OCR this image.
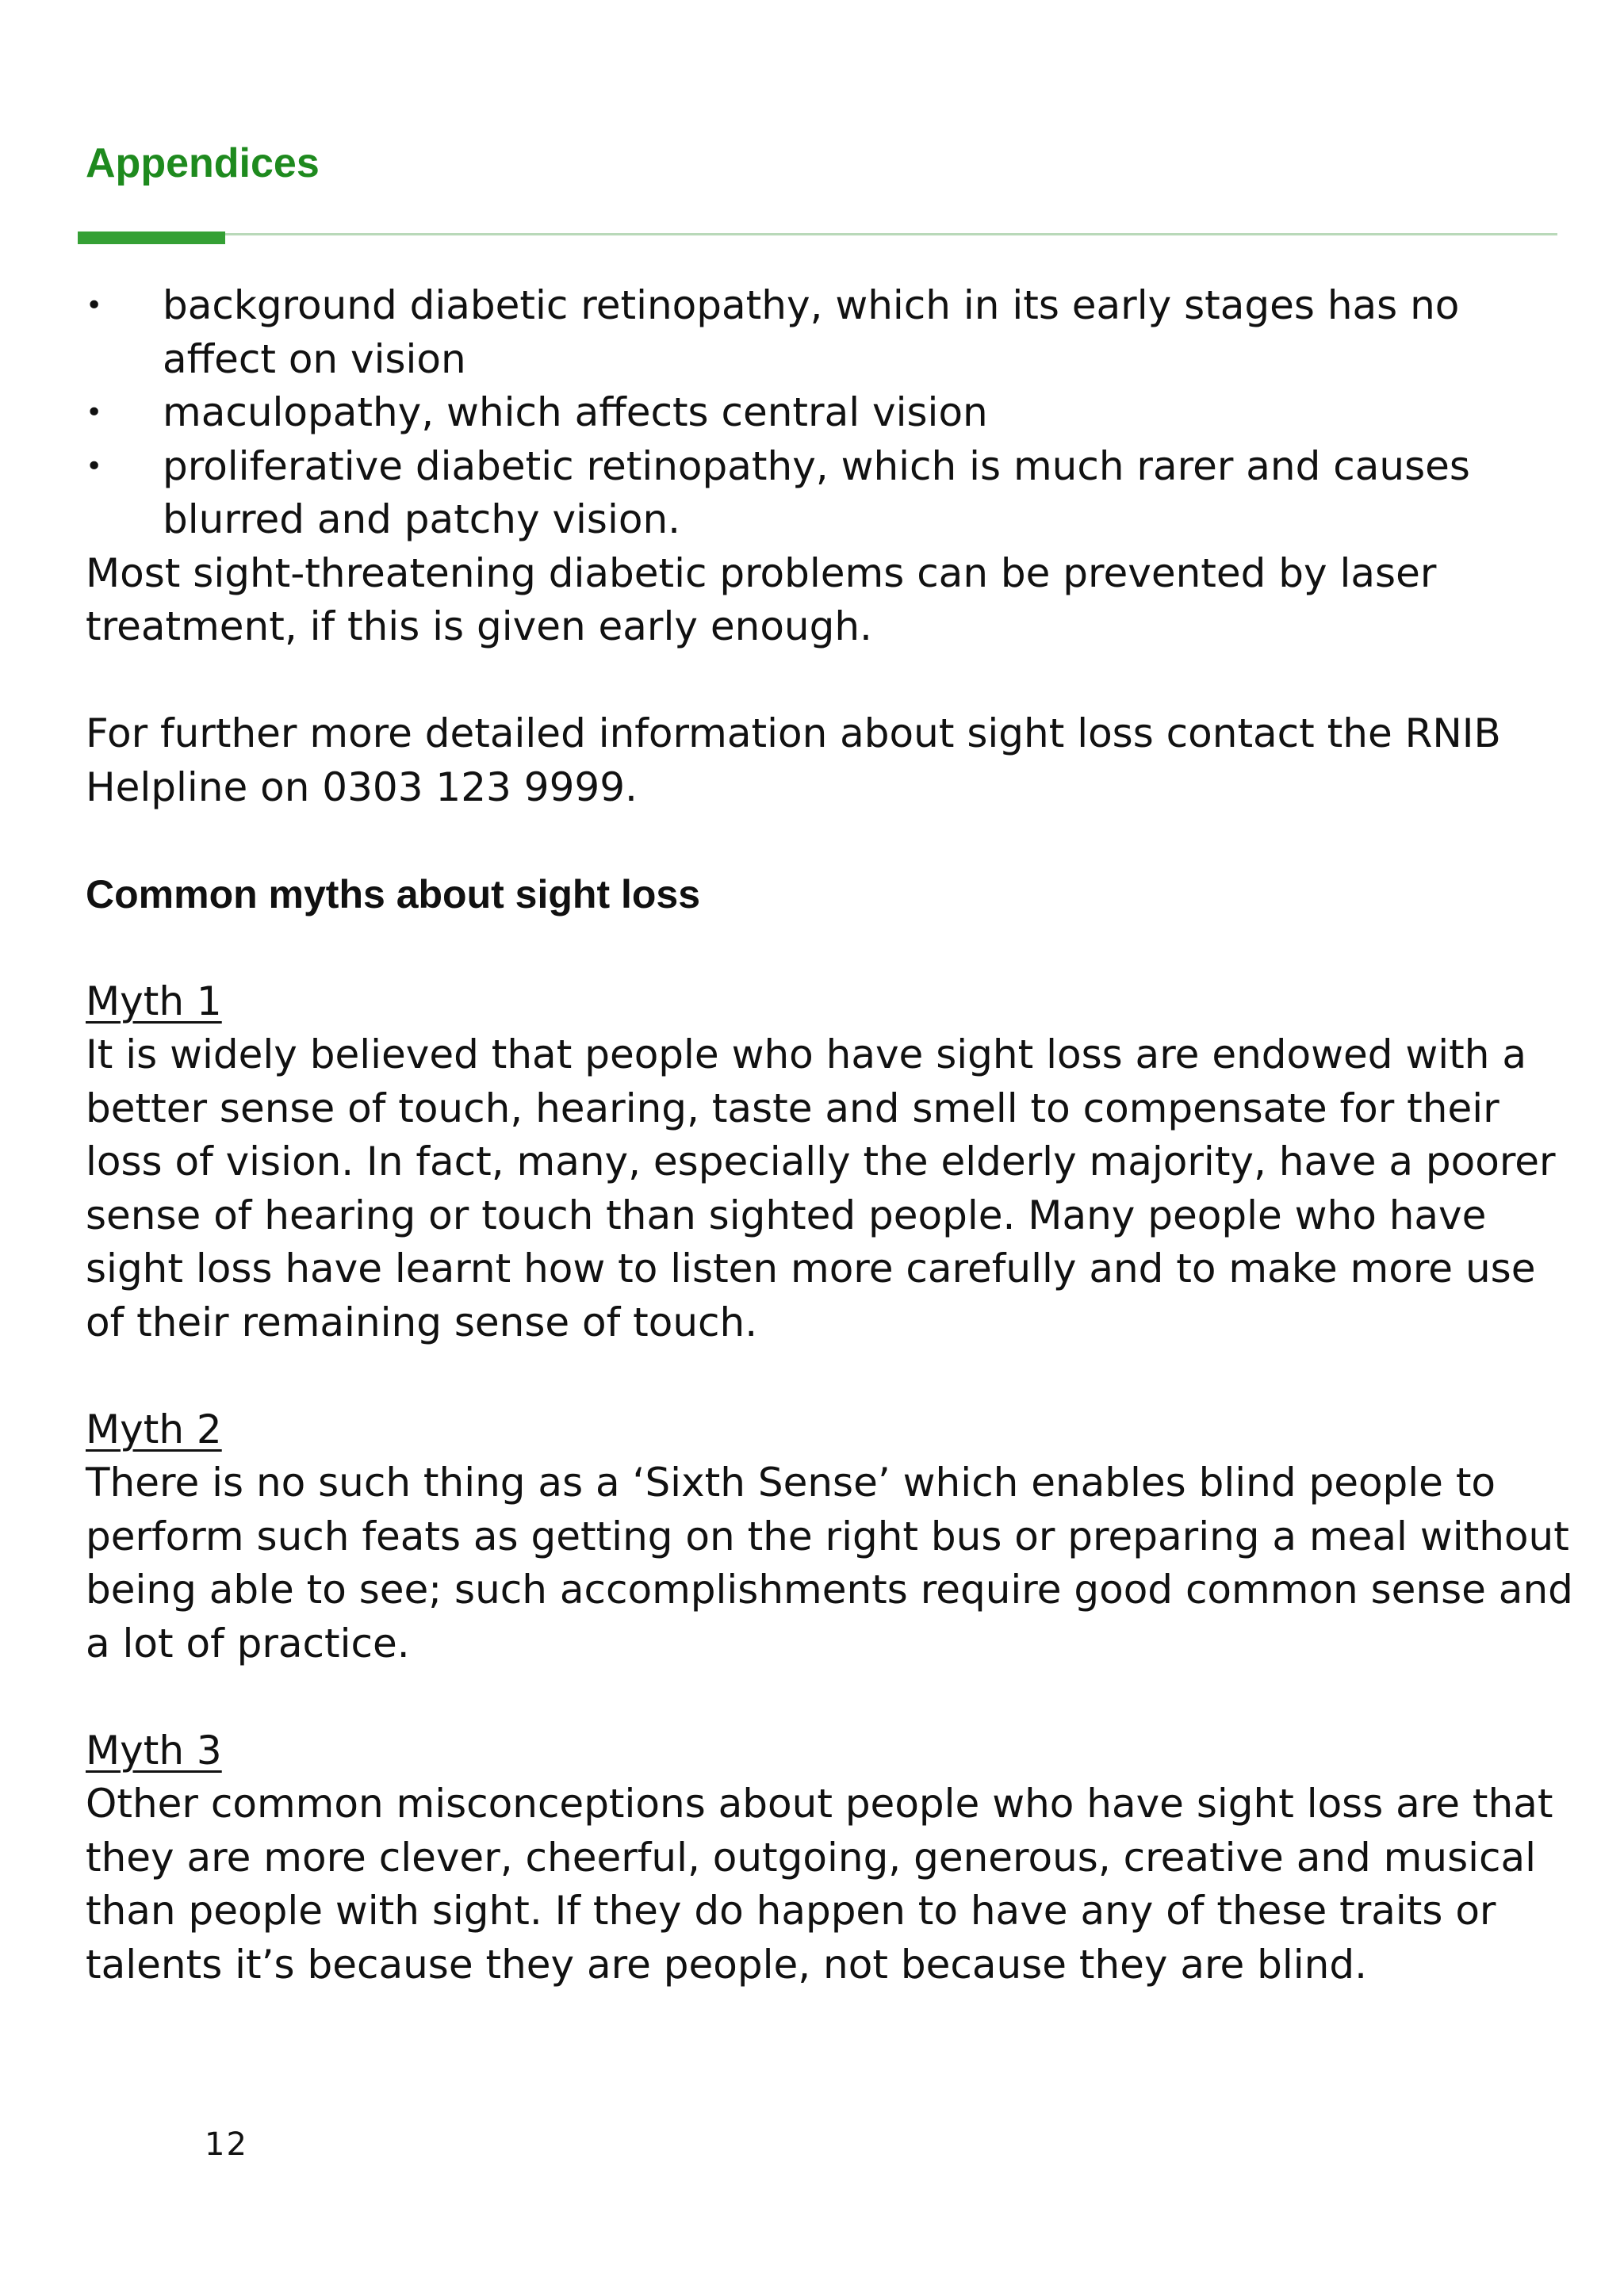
Appendices
• background diabetic retinopathy, which in its early stages has no affect on vision
• maculopathy, which affects central vision
• proliferative diabetic retinopathy, which is much rarer and causes blurred and patchy vision.

Most sight-threatening diabetic problems can be prevented by laser treatment, if this is given early enough.

For further more detailed information about sight loss contact the RNIB Helpline on 0303 123 9999.

Common myths about sight loss

Myth 1

It is widely believed that people who have sight loss are endowed with a better sense of touch, hearing, taste and smell to compensate for their loss of vision. In fact, many, especially the elderly majority, have a poorer sense of hearing or touch than sighted people. Many people who have sight loss have learnt how to listen more carefully and to make more use of their remaining sense of touch.

Myth 2

There is no such thing as a ‘Sixth Sense’ which enables blind people to perform such feats as getting on the right bus or preparing a meal without being able to see; such accomplishments require good common sense and a lot of practice.

Myth 3

Other common misconceptions about people who have sight loss are that they are more clever, cheerful, outgoing, generous, creative and musical than people with sight. If they do happen to have any of these traits or talents it’s because they are people, not because they are blind.

12
